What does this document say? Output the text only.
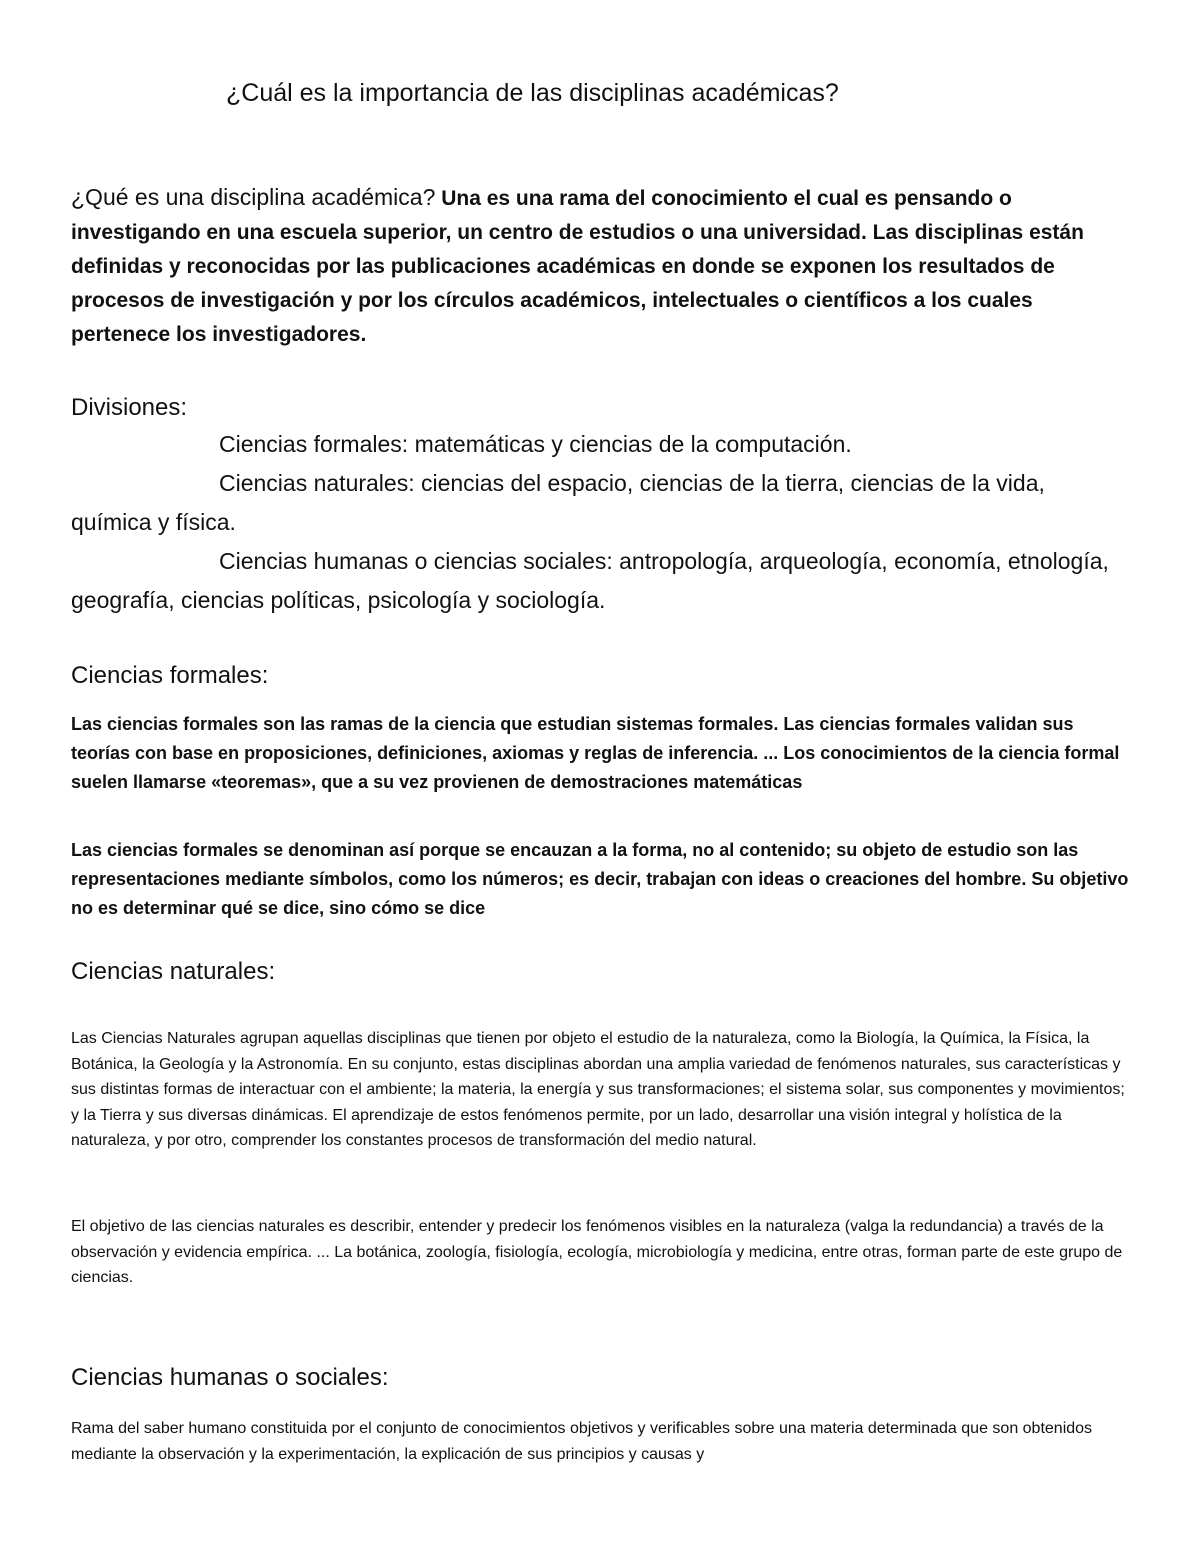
¿Cuál es la importancia de las disciplinas académicas?

¿Qué es una disciplina académica? Una es una rama del conocimiento el cual es pensando o investigando en una escuela superior, un centro de estudios o una universidad. Las disciplinas están definidas y reconocidas por las publicaciones académicas en donde se exponen los resultados de procesos de investigación y por los círculos académicos, intelectuales o científicos a los cuales pertenece los investigadores.

Divisiones:
Ciencias formales: matemáticas y ciencias de la computación.
Ciencias naturales: ciencias del espacio, ciencias de la tierra, ciencias de la vida, química y física.
Ciencias humanas o ciencias sociales: antropología, arqueología, economía, etnología, geografía, ciencias políticas, psicología y sociología.
Ciencias formales:

Las ciencias formales son las ramas de la ciencia que estudian sistemas formales. Las ciencias formales validan sus teorías con base en proposiciones, definiciones, axiomas y reglas de inferencia. ... Los conocimientos de la ciencia formal suelen llamarse «teoremas», que a su vez provienen de demostraciones matemáticas

Las ciencias formales se denominan así porque se encauzan a la forma, no al contenido; su objeto de estudio son las representaciones mediante símbolos, como los números; es decir, trabajan con ideas o creaciones del hombre. Su objetivo no es determinar qué se dice, sino cómo se dice

Ciencias naturales:

Las Ciencias Naturales agrupan aquellas disciplinas que tienen por objeto el estudio de la naturaleza, como la Biología, la Química, la Física, la Botánica, la Geología y la Astronomía. En su conjunto, estas disciplinas abordan una amplia variedad de fenómenos naturales, sus características y sus distintas formas de interactuar con el ambiente; la materia, la energía y sus transformaciones; el sistema solar, sus componentes y movimientos; y la Tierra y sus diversas dinámicas. El aprendizaje de estos fenómenos permite, por un lado, desarrollar una visión integral y holística de la naturaleza, y por otro, comprender los constantes procesos de transformación del medio natural.

El objetivo de las ciencias naturales es describir, entender y predecir los fenómenos visibles en la naturaleza (valga la redundancia) a través de la observación y evidencia empírica. ... La botánica, zoología, fisiología, ecología, microbiología y medicina, entre otras, forman parte de este grupo de ciencias.

Ciencias humanas o sociales:

Rama del saber humano constituida por el conjunto de conocimientos objetivos y verificables sobre una materia determinada que son obtenidos mediante la observación y la experimentación, la explicación de sus principios y causas y
